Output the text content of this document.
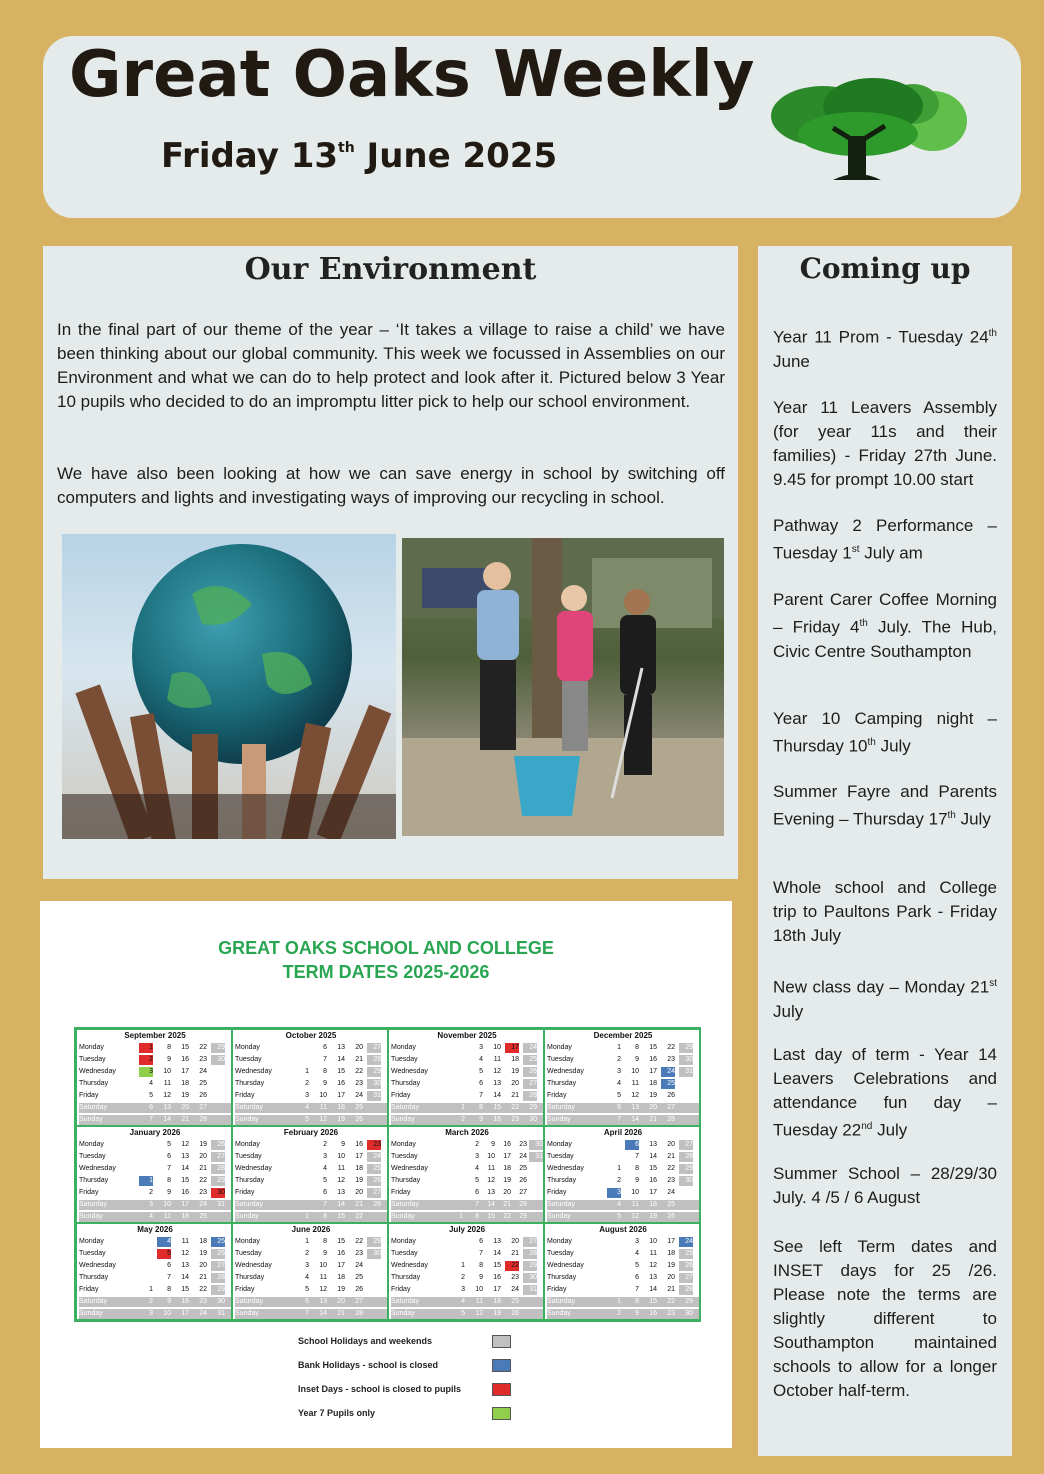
Great Oaks Weekly
Friday 13th June 2025
Our Environment

In the final part of our theme of the year – ‘It takes a village to raise a child’ we have been thinking about our global community. This week we focussed in Assemblies on our Environment and what we can do to help protect and look after it. Pictured below 3 Year 10 pupils who decided to do an impromptu litter pick to help our school environment.

We have also been looking at how we can save energy in school by switching off computers and lights and investigating ways of improving our recycling in school.

Coming up
Year 11 Prom - Tuesday 24th June
Year 11 Leavers Assembly (for year 11s and their families) - Friday 27th June. 9.45 for prompt 10.00 start
Pathway 2 Performance – Tuesday 1st July am
Parent Carer Coffee Morning – Friday 4th July. The Hub, Civic Centre Southampton
Year 10 Camping night – Thursday 10th July
Summer Fayre and Parents Evening – Thursday 17th July
Whole school and College trip to Paultons Park - Friday 18th July
New class day – Monday 21st July
Last day of term - Year 14 Leavers Celebrations and attendance fun day – Tuesday 22nd July
Summer School – 28/29/30 July. 4 /5 / 6 August
See left Term dates and INSET days for 25 /26. Please note the terms are slightly different to Southampton maintained schools to allow for a longer October half-term.
GREAT OAKS SCHOOL AND COLLEGE
TERM DATES 2025-2026
September 2025
Monday	1	8	15	22	29
Tuesday	2	9	16	23	30
Wednesday	3	10	17	24
Thursday	4	11	18	25
Friday	5	12	19	26
Saturday	6	13	20	27
Sunday	7	14	21	28
October 2025
Monday	6	13	20	27
Tuesday	7	14	21	28
Wednesday	1	8	15	22	29
Thursday	2	9	16	23	30
Friday	3	10	17	24	31
Saturday	4	11	18	25
Sunday	5	12	19	26
November 2025
Monday	3	10	17	24
Tuesday	4	11	18	25
Wednesday	5	12	19	26
Thursday	6	13	20	27
Friday	7	14	21	28
Saturday	1	8	15	22	29
Sunday	2	9	16	23	30
December 2025
Monday	1	8	15	22	29
Tuesday	2	9	16	23	30
Wednesday	3	10	17	24	31
Thursday	4	11	18	25
Friday	5	12	19	26
Saturday	6	13	20	27
Sunday	7	14	21	28
January 2026
Monday	5	12	19	26
Tuesday	6	13	20	27
Wednesday	7	14	21	28
Thursday	1	8	15	22	29
Friday	2	9	16	23	30
Saturday	3	10	17	24	31
Sunday	4	11	18	25
February 2026
Monday	2	9	16	23
Tuesday	3	10	17	24
Wednesday	4	11	18	25
Thursday	5	12	19	26
Friday	6	13	20	27
Saturday	7	14	21	28
Sunday	1	8	15	22
March 2026
Monday	2	9	16	23	30
Tuesday	3	10	17	24	31
Wednesday	4	11	18	25
Thursday	5	12	19	26
Friday	6	13	20	27
Saturday	7	14	21	28
Sunday	1	8	15	22	29
April 2026
Monday	6	13	20	27
Tuesday	7	14	21	28
Wednesday	1	8	15	22	29
Thursday	2	9	16	23	30
Friday	3	10	17	24
Saturday	4	11	18	25
Sunday	5	12	19	26
May 2026
Monday	4	11	18	25
Tuesday	5	12	19	26
Wednesday	6	13	20	27
Thursday	7	14	21	28
Friday	1	8	15	22	29
Saturday	2	9	16	23	30
Sunday	3	10	17	24	31
June 2026
Monday	1	8	15	22	29
Tuesday	2	9	16	23	30
Wednesday	3	10	17	24
Thursday	4	11	18	25
Friday	5	12	19	26
Saturday	6	13	20	27
Sunday	7	14	21	28
July 2026
Monday	6	13	20	27
Tuesday	7	14	21	28
Wednesday	1	8	15	22	29
Thursday	2	9	16	23	30
Friday	3	10	17	24	31
Saturday	4	11	18	25
Sunday	5	12	19	26
August 2026
Monday	3	10	17	24
Tuesday	4	11	18	25
Wednesday	5	12	19	26
Thursday	6	13	20	27
Friday	7	14	21	28
Saturday	1	8	15	22	29
Sunday	2	9	16	23	30
School Holidays and weekends
Bank Holidays - school is closed
Inset Days - school is closed to pupils
Year 7 Pupils only
